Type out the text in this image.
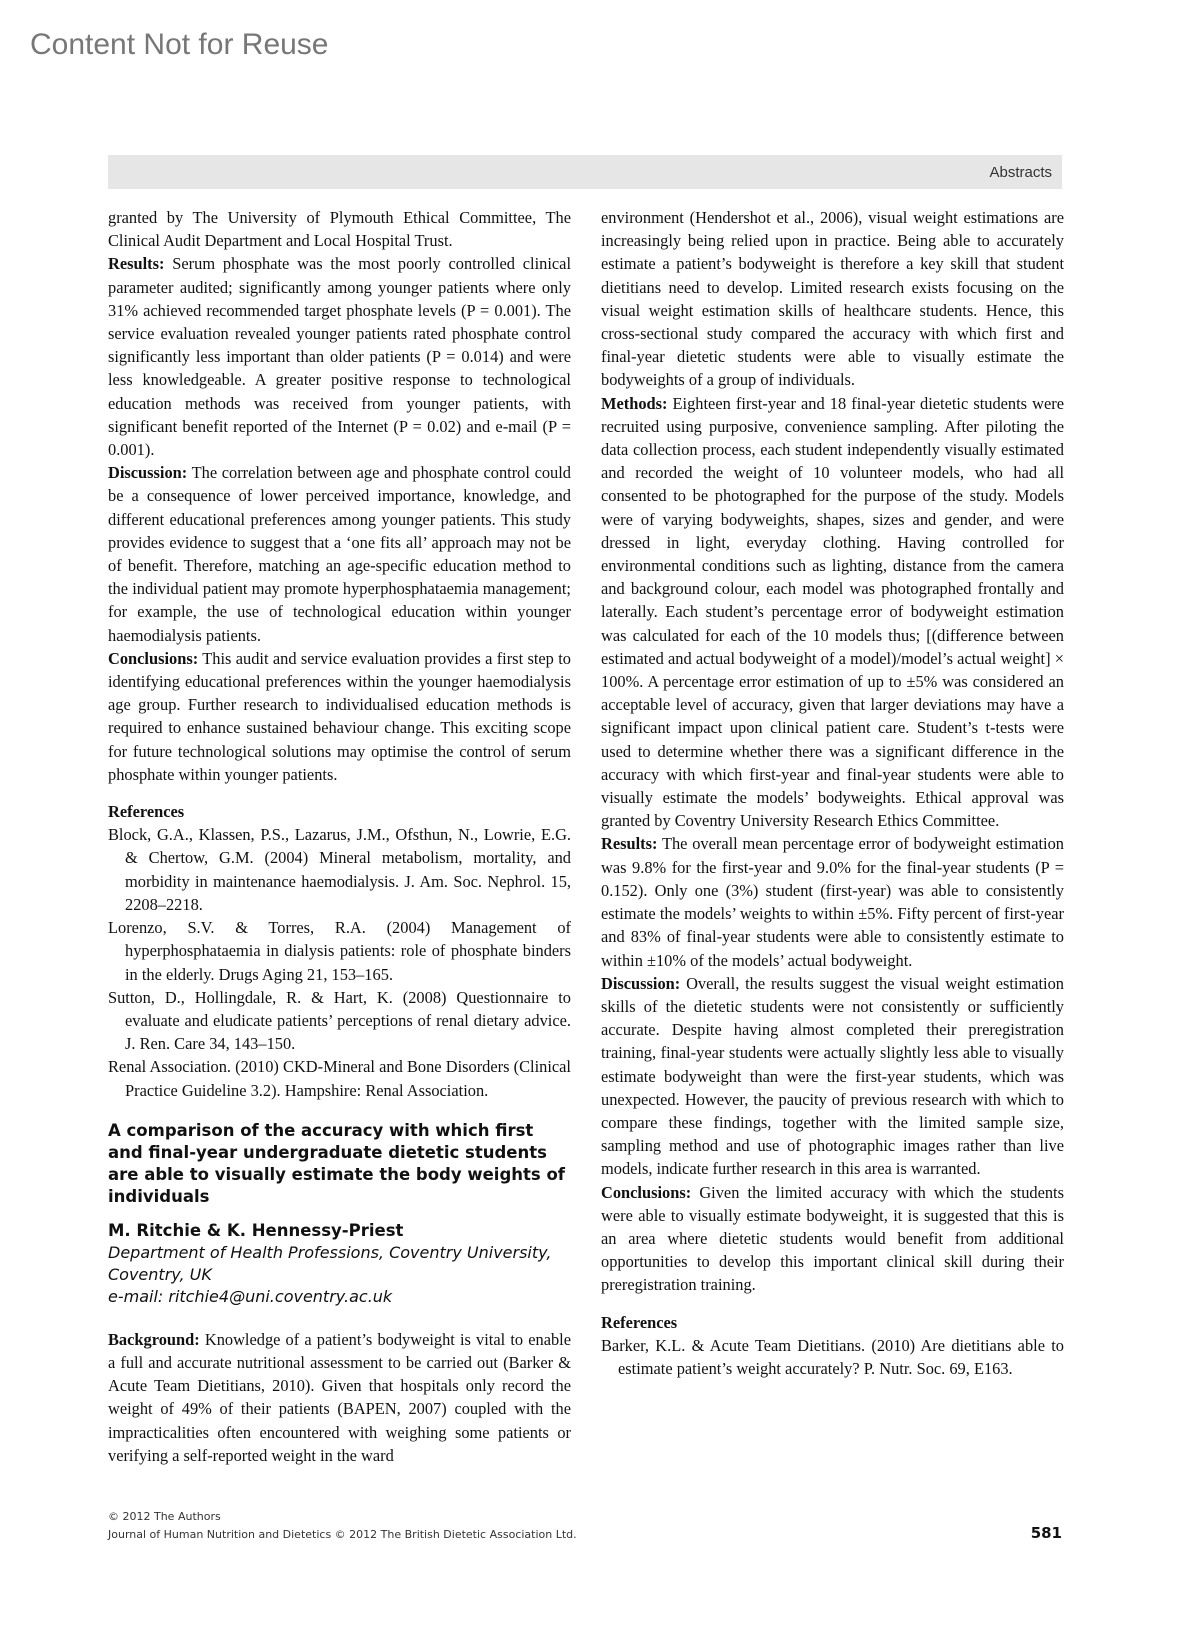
Content Not for Reuse
Abstracts

granted by The University of Plymouth Ethical Committee, The Clinical Audit Department and Local Hospital Trust.

Results: Serum phosphate was the most poorly controlled clinical parameter audited; significantly among younger patients where only 31% achieved recommended target phosphate levels (P = 0.001). The service evaluation revealed younger patients rated phosphate control significantly less important than older patients (P = 0.014) and were less knowledgeable. A greater positive response to technological education methods was received from younger patients, with significant benefit reported of the Internet (P = 0.02) and e-mail (P = 0.001).

Discussion: The correlation between age and phosphate control could be a consequence of lower perceived importance, knowledge, and different educational preferences among younger patients. This study provides evidence to suggest that a ‘one fits all’ approach may not be of benefit. Therefore, matching an age-specific education method to the individual patient may promote hyperphosphataemia management; for example, the use of technological education within younger haemodialysis patients.

Conclusions: This audit and service evaluation provides a first step to identifying educational preferences within the younger haemodialysis age group. Further research to individualised education methods is required to enhance sustained behaviour change. This exciting scope for future technological solutions may optimise the control of serum phosphate within younger patients.

References

Block, G.A., Klassen, P.S., Lazarus, J.M., Ofsthun, N., Lowrie, E.G. & Chertow, G.M. (2004) Mineral metabolism, mortality, and morbidity in maintenance haemodialysis. J. Am. Soc. Nephrol. 15, 2208–2218.

Lorenzo, S.V. & Torres, R.A. (2004) Management of hyperphosphataemia in dialysis patients: role of phosphate binders in the elderly. Drugs Aging 21, 153–165.

Sutton, D., Hollingdale, R. & Hart, K. (2008) Questionnaire to evaluate and eludicate patients’ perceptions of renal dietary advice. J. Ren. Care 34, 143–150.

Renal Association. (2010) CKD-Mineral and Bone Disorders (Clinical Practice Guideline 3.2). Hampshire: Renal Association.

A comparison of the accuracy with which first and final-year undergraduate dietetic students are able to visually estimate the body weights of individuals

M. Ritchie & K. Hennessy-Priest

Department of Health Professions, Coventry University, Coventry, UK

e-mail: ritchie4@uni.coventry.ac.uk

Background: Knowledge of a patient’s bodyweight is vital to enable a full and accurate nutritional assessment to be carried out (Barker & Acute Team Dietitians, 2010). Given that hospitals only record the weight of 49% of their patients (BAPEN, 2007) coupled with the impracticalities often encountered with weighing some patients or verifying a self-reported weight in the ward

environment (Hendershot et al., 2006), visual weight estimations are increasingly being relied upon in practice. Being able to accurately estimate a patient’s bodyweight is therefore a key skill that student dietitians need to develop. Limited research exists focusing on the visual weight estimation skills of healthcare students. Hence, this cross-sectional study compared the accuracy with which first and final-year dietetic students were able to visually estimate the bodyweights of a group of individuals.

Methods: Eighteen first-year and 18 final-year dietetic students were recruited using purposive, convenience sampling. After piloting the data collection process, each student independently visually estimated and recorded the weight of 10 volunteer models, who had all consented to be photographed for the purpose of the study. Models were of varying bodyweights, shapes, sizes and gender, and were dressed in light, everyday clothing. Having controlled for environmental conditions such as lighting, distance from the camera and background colour, each model was photographed frontally and laterally. Each student’s percentage error of bodyweight estimation was calculated for each of the 10 models thus; [(difference between estimated and actual bodyweight of a model)/model’s actual weight] × 100%. A percentage error estimation of up to ±5% was considered an acceptable level of accuracy, given that larger deviations may have a significant impact upon clinical patient care. Student’s t-tests were used to determine whether there was a significant difference in the accuracy with which first-year and final-year students were able to visually estimate the models’ bodyweights. Ethical approval was granted by Coventry University Research Ethics Committee.

Results: The overall mean percentage error of bodyweight estimation was 9.8% for the first-year and 9.0% for the final-year students (P = 0.152). Only one (3%) student (first-year) was able to consistently estimate the models’ weights to within ±5%. Fifty percent of first-year and 83% of final-year students were able to consistently estimate to within ±10% of the models’ actual bodyweight.

Discussion: Overall, the results suggest the visual weight estimation skills of the dietetic students were not consistently or sufficiently accurate. Despite having almost completed their preregistration training, final-year students were actually slightly less able to visually estimate bodyweight than were the first-year students, which was unexpected. However, the paucity of previous research with which to compare these findings, together with the limited sample size, sampling method and use of photographic images rather than live models, indicate further research in this area is warranted.

Conclusions: Given the limited accuracy with which the students were able to visually estimate bodyweight, it is suggested that this is an area where dietetic students would benefit from additional opportunities to develop this important clinical skill during their preregistration training.

References

Barker, K.L. & Acute Team Dietitians. (2010) Are dietitians able to estimate patient’s weight accurately? P. Nutr. Soc. 69, E163.

© 2012 The Authors
Journal of Human Nutrition and Dietetics © 2012 The British Dietetic Association Ltd.	581
